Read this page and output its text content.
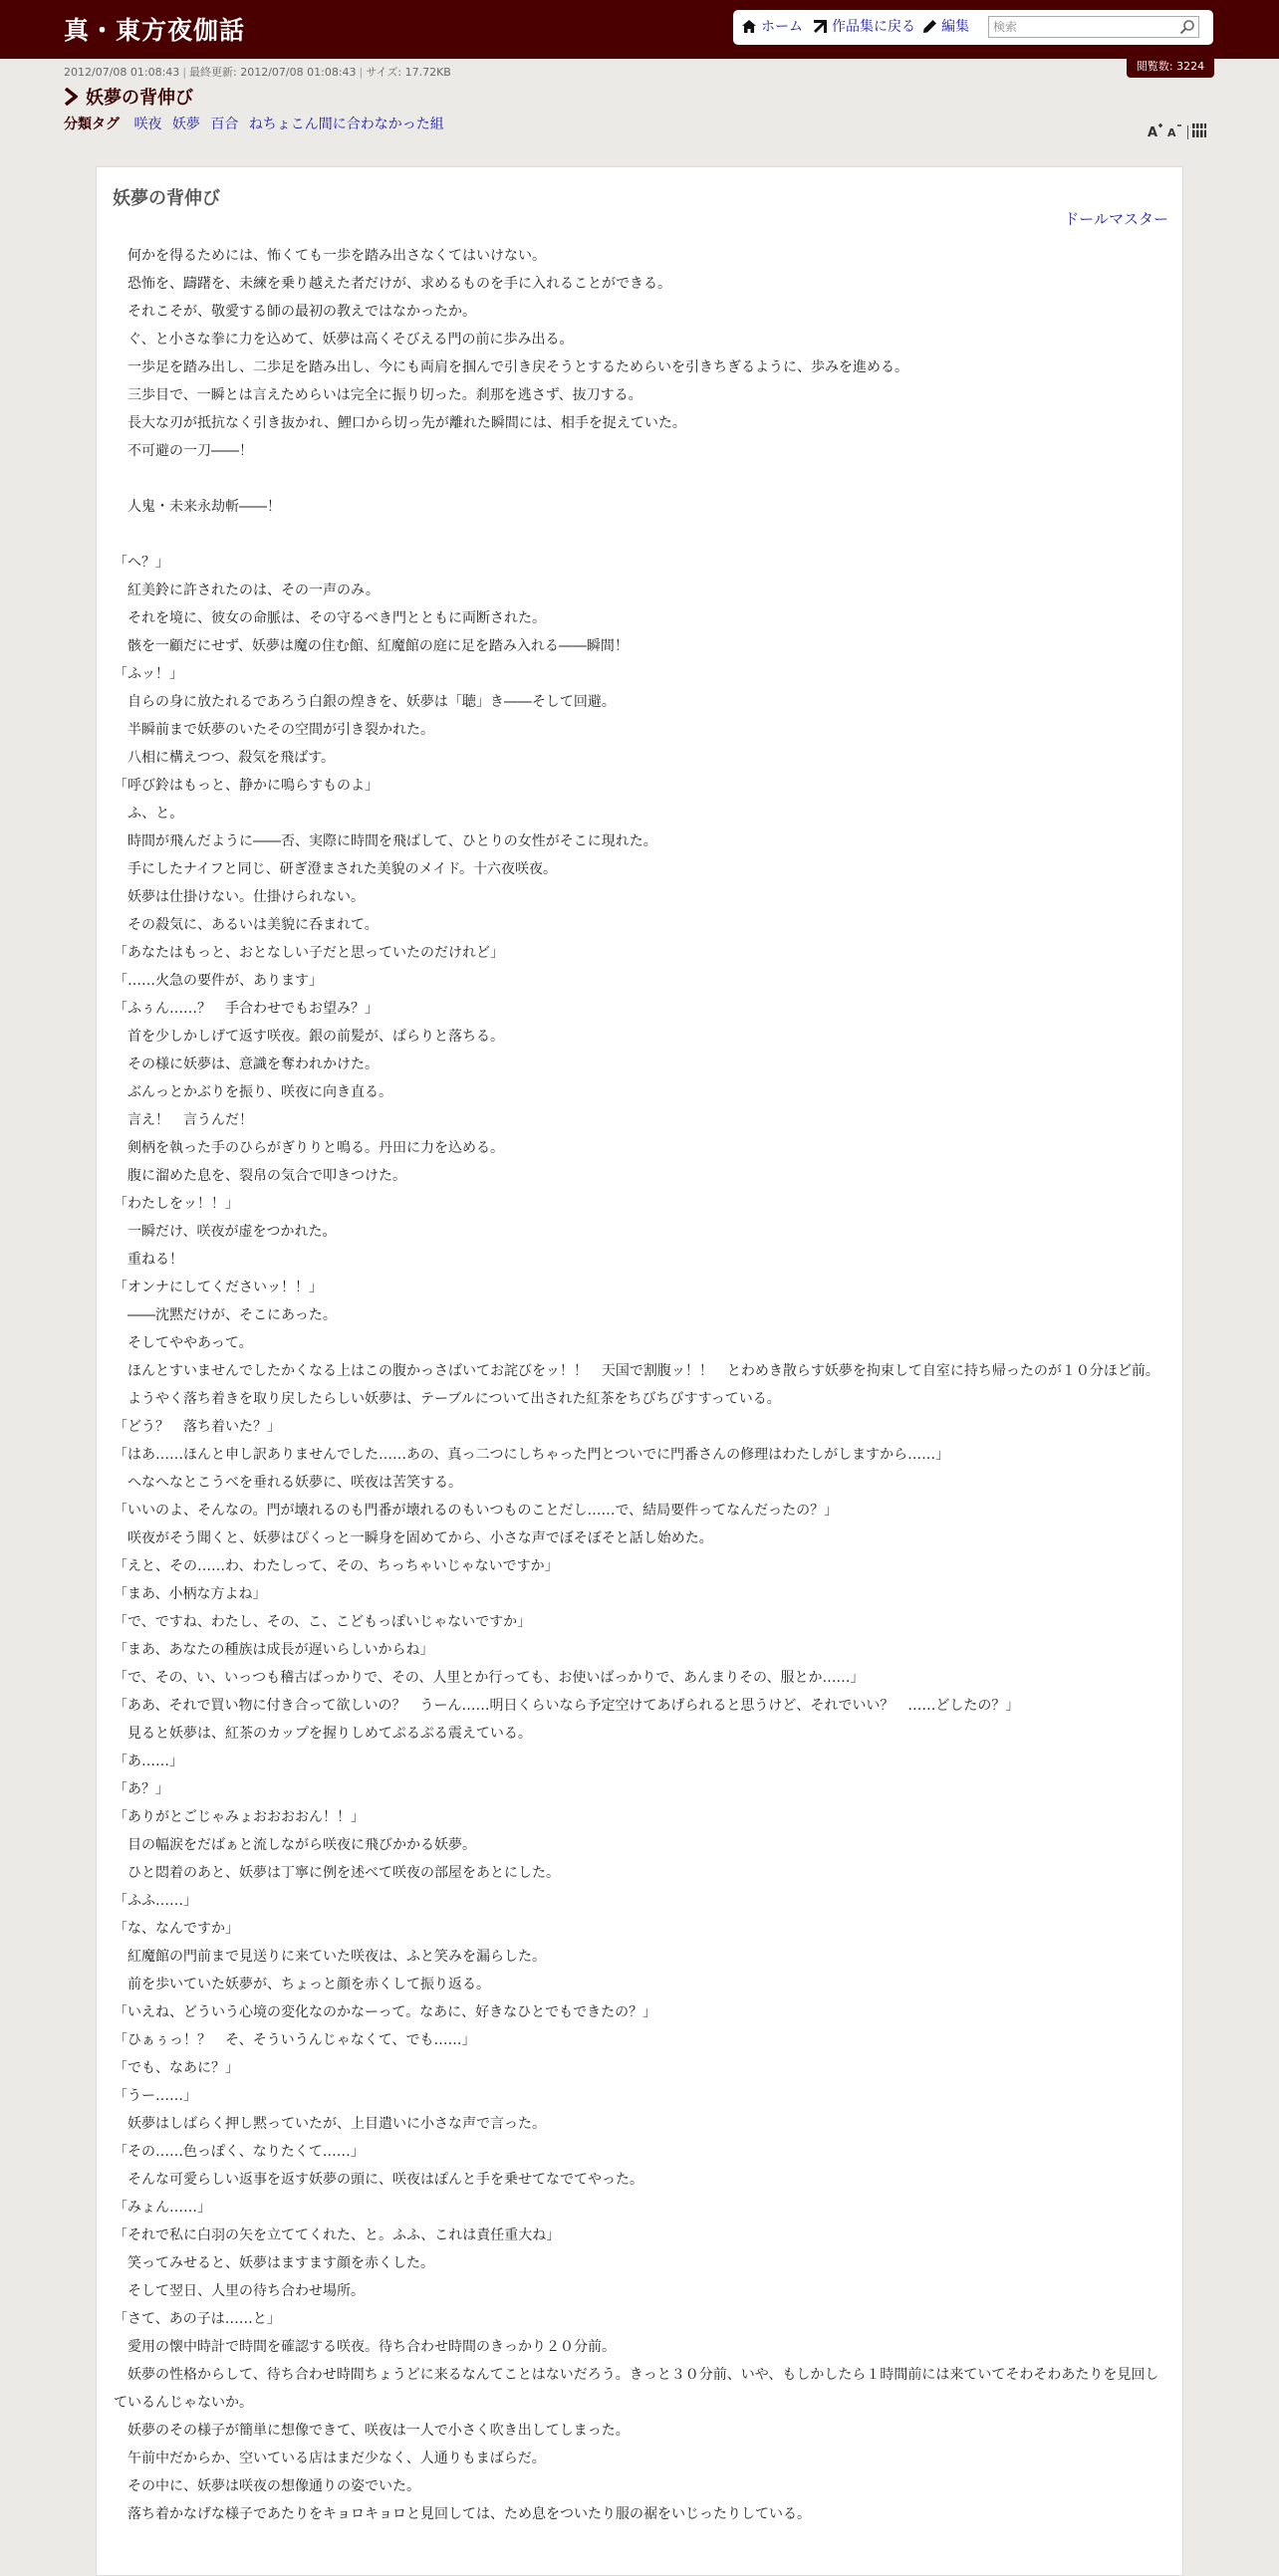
真・東方夜伽話	ホーム	作品集に戻る	編集
検索
閲覧数: 3224
2012/07/08 01:08:43 | 最終更新: 2012/07/08 01:08:43 | サイズ: 17.72KB
妖夢の背伸び
分類タグ 咲夜 妖夢 百合 ねちょこん間に合わなかった組
A A
妖夢の背伸び
ドールマスター

　何かを得るためには、怖くても一歩を踏み出さなくてはいけない。

　恐怖を、躊躇を、未練を乗り越えた者だけが、求めるものを手に入れることができる。

　それこそが、敬愛する師の最初の教えではなかったか。

　ぐ、と小さな拳に力を込めて、妖夢は高くそびえる門の前に歩み出る。

　一歩足を踏み出し、二歩足を踏み出し、今にも両肩を掴んで引き戻そうとするためらいを引きちぎるように、歩みを進める。

　三歩目で、一瞬とは言えためらいは完全に振り切った。刹那を逃さず、抜刀する。

　長大な刃が抵抗なく引き抜かれ、鯉口から切っ先が離れた瞬間には、相手を捉えていた。

　不可避の一刀――！

　人鬼・未来永劫斬――！

「へ？」

　紅美鈴に許されたのは、その一声のみ。

　それを境に、彼女の命脈は、その守るべき門とともに両断された。

　骸を一顧だにせず、妖夢は魔の住む館、紅魔館の庭に足を踏み入れる――瞬間！

「ふッ！」

　自らの身に放たれるであろう白銀の煌きを、妖夢は「聴」き――そして回避。

　半瞬前まで妖夢のいたその空間が引き裂かれた。

　八相に構えつつ、殺気を飛ばす。

「呼び鈴はもっと、静かに鳴らすものよ」

　ふ、と。

　時間が飛んだように――否、実際に時間を飛ばして、ひとりの女性がそこに現れた。

　手にしたナイフと同じ、研ぎ澄まされた美貌のメイド。十六夜咲夜。

　妖夢は仕掛けない。仕掛けられない。

　その殺気に、あるいは美貌に呑まれて。

「あなたはもっと、おとなしい子だと思っていたのだけれど」

「……火急の要件が、あります」

「ふぅん……？　手合わせでもお望み？」

　首を少しかしげて返す咲夜。銀の前髪が、ぱらりと落ちる。

　その様に妖夢は、意識を奪われかけた。

　ぶんっとかぶりを振り、咲夜に向き直る。

　言え！　言うんだ！

　剣柄を執った手のひらがぎりりと鳴る。丹田に力を込める。

　腹に溜めた息を、裂帛の気合で叩きつけた。

「わたしをッ！！」

　一瞬だけ、咲夜が虚をつかれた。

　重ねる！

「オンナにしてくださいッ！！」

　――沈黙だけが、そこにあった。

　そしてややあって。

　ほんとすいませんでしたかくなる上はこの腹かっさばいてお詫びをッ！！　天国で割腹ッ！！　とわめき散らす妖夢を拘束して自室に持ち帰ったのが１０分ほど前。

　ようやく落ち着きを取り戻したらしい妖夢は、テーブルについて出された紅茶をちびちびすすっている。

「どう？　落ち着いた？」

「はあ……ほんと申し訳ありませんでした……あの、真っ二つにしちゃった門とついでに門番さんの修理はわたしがしますから……」

　へなへなとこうべを垂れる妖夢に、咲夜は苦笑する。

「いいのよ、そんなの。門が壊れるのも門番が壊れるのもいつものことだし……で、結局要件ってなんだったの？」

　咲夜がそう聞くと、妖夢はぴくっと一瞬身を固めてから、小さな声でぼそぼそと話し始めた。

「えと、その……わ、わたしって、その、ちっちゃいじゃないですか」

「まあ、小柄な方よね」

「で、ですね、わたし、その、こ、こどもっぽいじゃないですか」

「まあ、あなたの種族は成長が遅いらしいからね」

「で、その、い、いっつも稽古ばっかりで、その、人里とか行っても、お使いばっかりで、あんまりその、服とか……」

「ああ、それで買い物に付き合って欲しいの？　うーん……明日くらいなら予定空けてあげられると思うけど、それでいい？　……どしたの？」

　見ると妖夢は、紅茶のカップを握りしめてぷるぷる震えている。

「あ……」

「あ？」

「ありがとごじゃみょおおおおん！！」

　目の幅涙をだばぁと流しながら咲夜に飛びかかる妖夢。

　ひと悶着のあと、妖夢は丁寧に例を述べて咲夜の部屋をあとにした。

「ふふ……」

「な、なんですか」

　紅魔館の門前まで見送りに来ていた咲夜は、ふと笑みを漏らした。

　前を歩いていた妖夢が、ちょっと顔を赤くして振り返る。

「いえね、どういう心境の変化なのかなーって。なあに、好きなひとでもできたの？」

「ひぁぅっ！？　そ、そういうんじゃなくて、でも……」

「でも、なあに？」

「うー……」

　妖夢はしばらく押し黙っていたが、上目遣いに小さな声で言った。

「その……色っぽく、なりたくて……」

　そんな可愛らしい返事を返す妖夢の頭に、咲夜はぽんと手を乗せてなでてやった。

「みょん……」

「それで私に白羽の矢を立ててくれた、と。ふふ、これは責任重大ね」

　笑ってみせると、妖夢はますます顔を赤くした。

　そして翌日、人里の待ち合わせ場所。

「さて、あの子は……と」

　愛用の懐中時計で時間を確認する咲夜。待ち合わせ時間のきっかり２０分前。

　妖夢の性格からして、待ち合わせ時間ちょうどに来るなんてことはないだろう。きっと３０分前、いや、もしかしたら１時間前には来ていてそわそわあたりを見回しているんじゃないか。

　妖夢のその様子が簡単に想像できて、咲夜は一人で小さく吹き出してしまった。

　午前中だからか、空いている店はまだ少なく、人通りもまばらだ。

　その中に、妖夢は咲夜の想像通りの姿でいた。

　落ち着かなげな様子であたりをキョロキョロと見回しては、ため息をついたり服の裾をいじったりしている。
